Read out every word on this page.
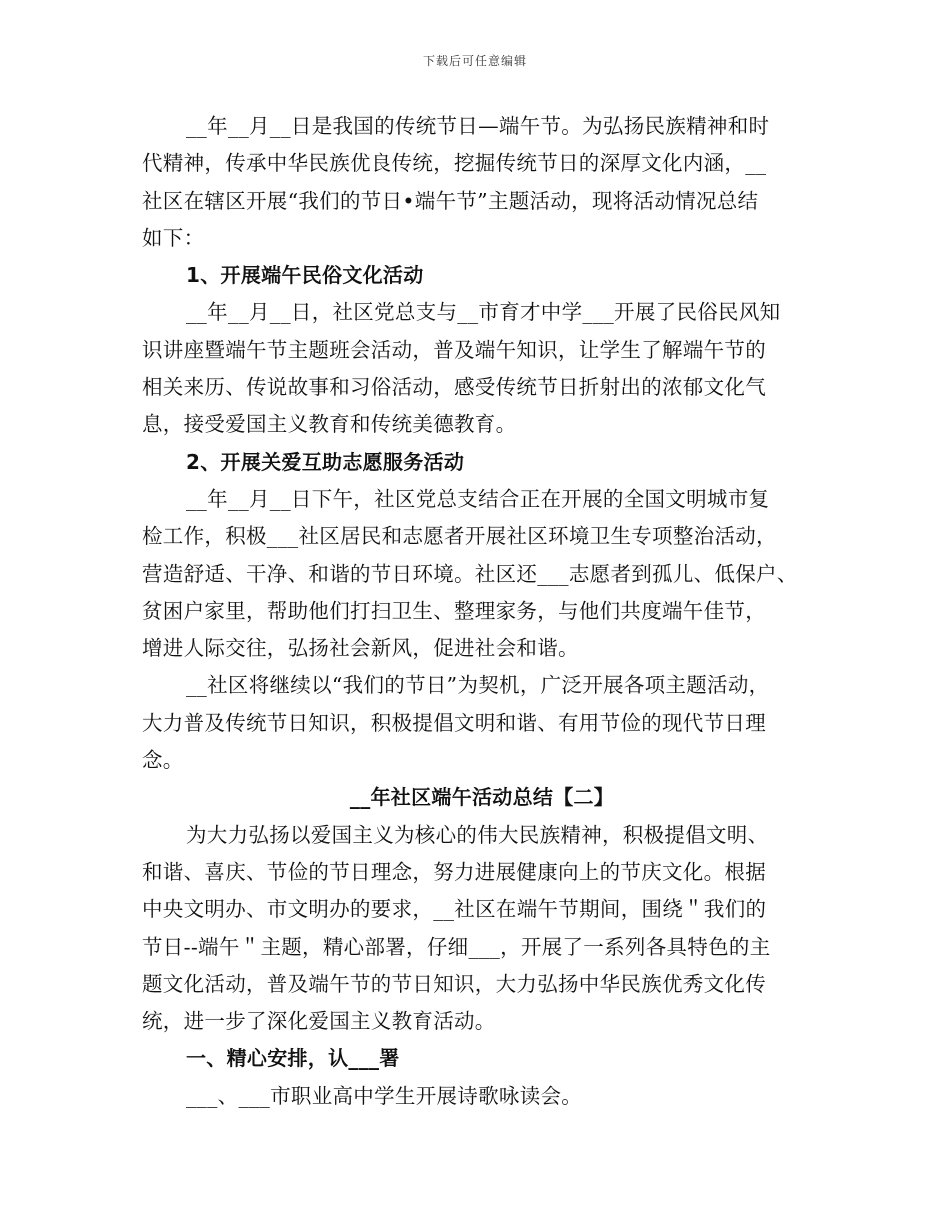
下载后可任意编辑
__年__月__日是我国的传统节日—端午节。为弘扬民族精神和时
代精神，传承中华民族优良传统，挖掘传统节日的深厚文化内涵，__
社区在辖区开展“我们的节日•端午节”主题活动，现将活动情况总结
如下：
1、开展端午民俗文化活动
__年__月__日，社区党总支与__市育才中学___开展了民俗民风知
识讲座暨端午节主题班会活动，普及端午知识，让学生了解端午节的
相关来历、传说故事和习俗活动，感受传统节日折射出的浓郁文化气
息，接受爱国主义教育和传统美德教育。
2、开展关爱互助志愿服务活动
__年__月__日下午，社区党总支结合正在开展的全国文明城市复
检工作，积极___社区居民和志愿者开展社区环境卫生专项整治活动，
营造舒适、干净、和谐的节日环境。社区还___志愿者到孤儿、低保户、
贫困户家里，帮助他们打扫卫生、整理家务，与他们共度端午佳节，
增进人际交往，弘扬社会新风，促进社会和谐。
__社区将继续以“我们的节日”为契机，广泛开展各项主题活动，
大力普及传统节日知识，积极提倡文明和谐、有用节俭的现代节日理
念。
__年社区端午活动总结【二】
为大力弘扬以爱国主义为核心的伟大民族精神，积极提倡文明、
和谐、喜庆、节俭的节日理念，努力进展健康向上的节庆文化。根据
中央文明办、市文明办的要求，__社区在端午节期间，围绕＂我们的
节日--端午＂主题，精心部署，仔细___，开展了一系列各具特色的主
题文化活动，普及端午节的节日知识，大力弘扬中华民族优秀文化传
统，进一步了深化爱国主义教育活动。
一、精心安排，认___署
___、___市职业高中学生开展诗歌咏读会。
